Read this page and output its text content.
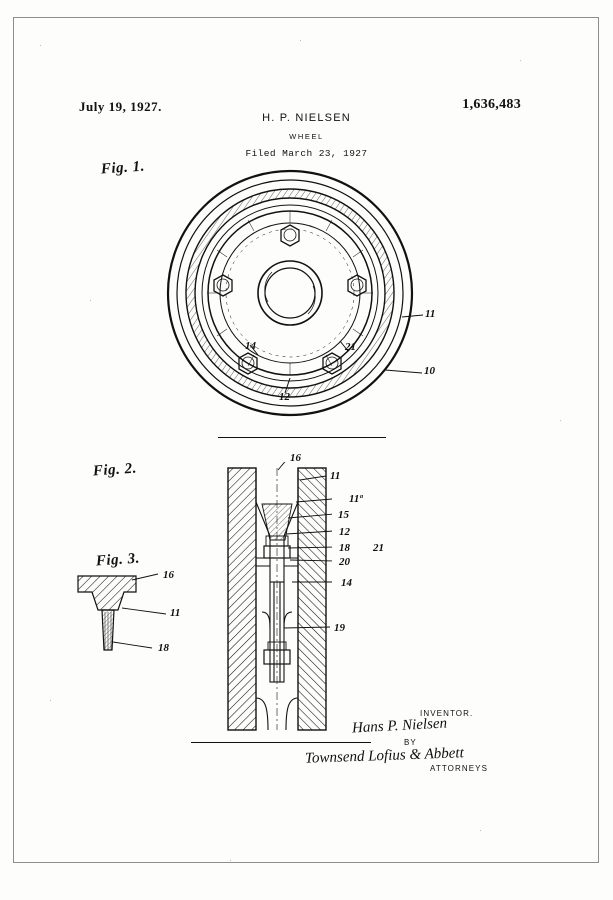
July 19, 1927.	1,636,483
H. P. NIELSEN
WHEEL
Filed March 23, 1927
Fig. 1.
11
10
14	21
12
Fig. 2.
16
11
11ª
15
12
18 21
20
14
19
Fig. 3.
16
11
18
INVENTOR.
Hans P. Nielsen
BY
Townsend Lofius & Abbett
ATTORNEYS
